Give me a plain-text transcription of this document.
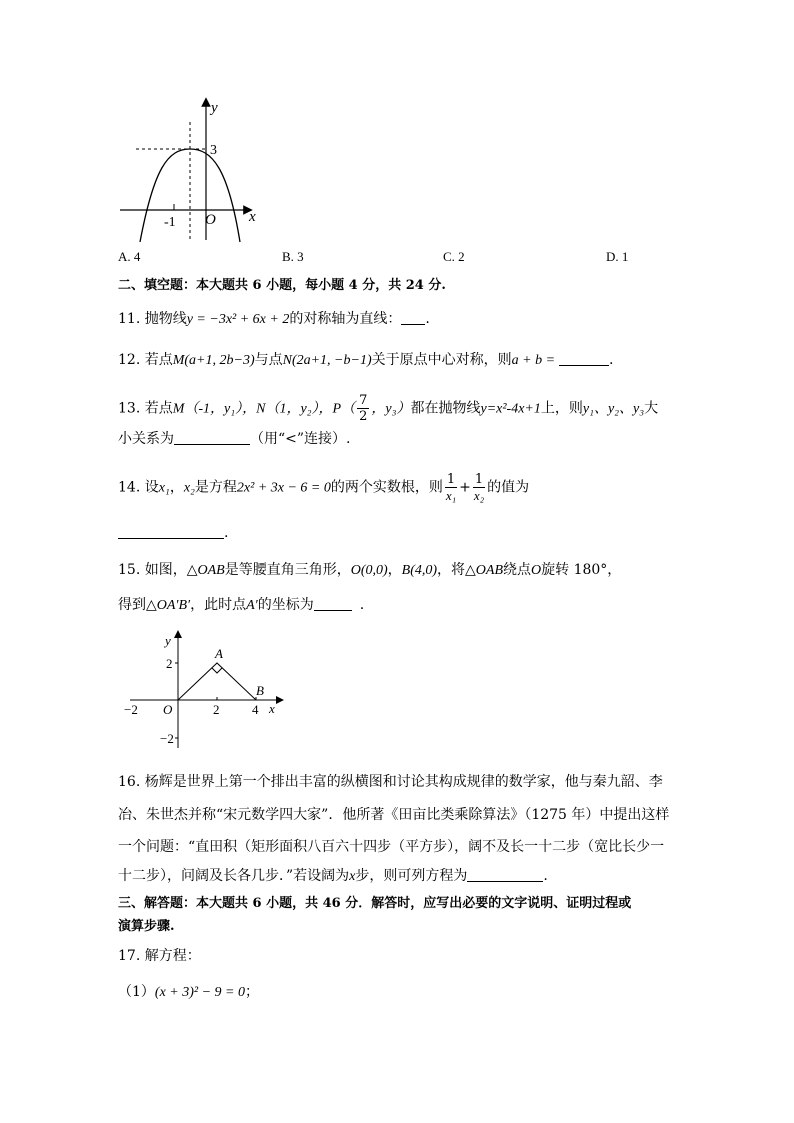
y
x
3
-1 O
A. 4	B. 3	C. 2	D. 1
二、填空题：本大题共 6 小题，每小题 4 分，共 24 分.
11. 抛物线y = −3x² + 6x + 2的对称轴为直线： .
12. 若点M(a+1, 2b−3)与点N(2a+1, −b−1)关于原点中心对称，则a + b =	.
13. 若点M（-1，y₁），N（1，y₂），$P( \frac{7}{2}$ ，y₃）都在抛物线y=x²-4x+1上，则y₁、y₂、y₃大
小关系为	（用“<”连接）.
14. 设x₁，x₂是方程2x² + 3x − 6 = 0的两个实数根，则 $\frac{1}{\text{x₁}} + \frac{1}{\text{x₂}}$ 的值为
.
15. 如图，△OAB是等腰直角三角形，O(0,0)，B(4,0)，将△OAB绕点O旋转 180°，
得到△OA′B′，此时点A′的坐标为	.
y
x
A
B
O
2
−2
2	4
−2
16. 杨辉是世界上第一个排出丰富的纵横图和讨论其构成规律的数学家，他与秦九韶、李
冶、朱世杰并称“宋元数学四大家”．他所著《田亩比类乘除算法》（1275 年）中提出这样
一个问题：“直田积（矩形面积八百六十四步（平方步），阔不及长一十二步（宽比长少一
十二步），问阔及长各几步．”若设阔为x步，则可列方程为	.
三、解答题：本大题共 6 小题，共 46 分．解答时，应写出必要的文字说明、证明过程或
演算步骤.
17. 解方程：
（1）(x + 3)² − 9 = 0；
